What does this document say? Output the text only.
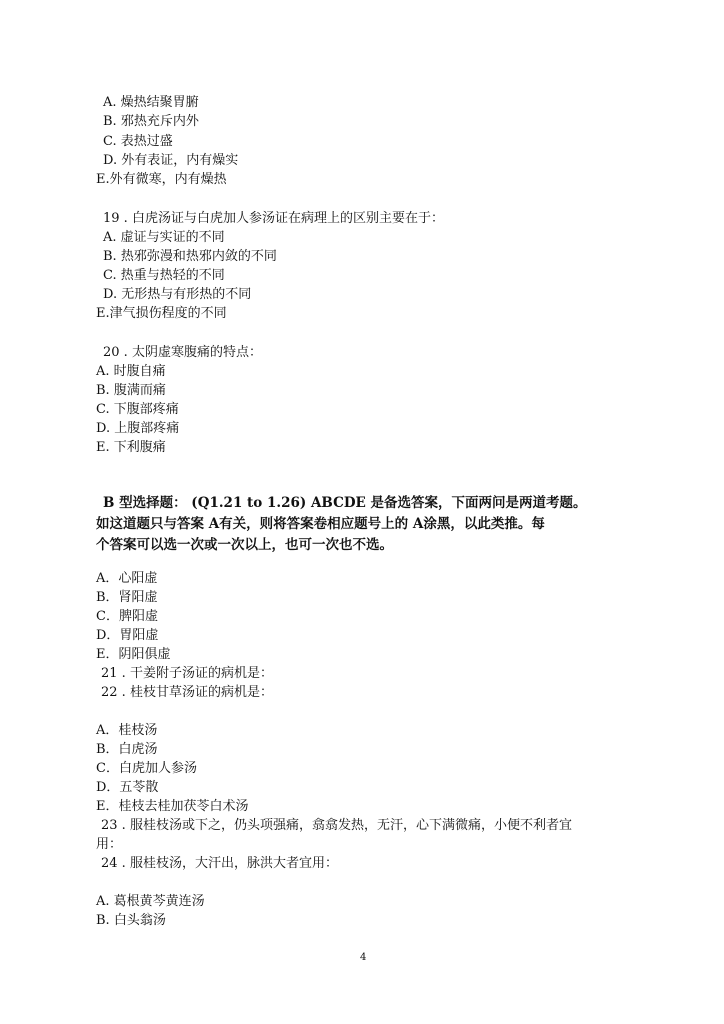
A. 燥热结聚胃腑
B. 邪热充斥内外
C. 表热过盛
D. 外有表证，内有燥实
E.外有微寒，内有燥热
19 . 白虎汤证与白虎加人参汤证在病理上的区别主要在于：
A. 虚证与实证的不同
B. 热邪弥漫和热邪内敛的不同
C. 热重与热轻的不同
D. 无形热与有形热的不同
E.津气损伤程度的不同
20 . 太阴虚寒腹痛的特点：
A. 时腹自痛
B. 腹满而痛
C. 下腹部疼痛
D. 上腹部疼痛
E. 下利腹痛
B 型选择题： (Q1.21 to 1.26) ABCDE 是备选答案，下面两问是两道考题。
如这道题只与答案 A有关，则将答案卷相应题号上的 A涂黑，以此类推。每
个答案可以选一次或一次以上，也可一次也不选。
A．心阳虚
B．肾阳虚
C．脾阳虚
D．胃阳虚
E．阴阳俱虚
21 . 干姜附子汤证的病机是：
22 . 桂枝甘草汤证的病机是：
A．桂枝汤
B．白虎汤
C．白虎加人参汤
D．五苓散
E．桂枝去桂加茯苓白术汤
23 . 服桂枝汤或下之，仍头项强痛，翕翕发热，无汗，心下满微痛，小便不利者宜
用：
24 . 服桂枝汤，大汗出，脉洪大者宜用：
A. 葛根黄芩黄连汤
B. 白头翁汤
4
